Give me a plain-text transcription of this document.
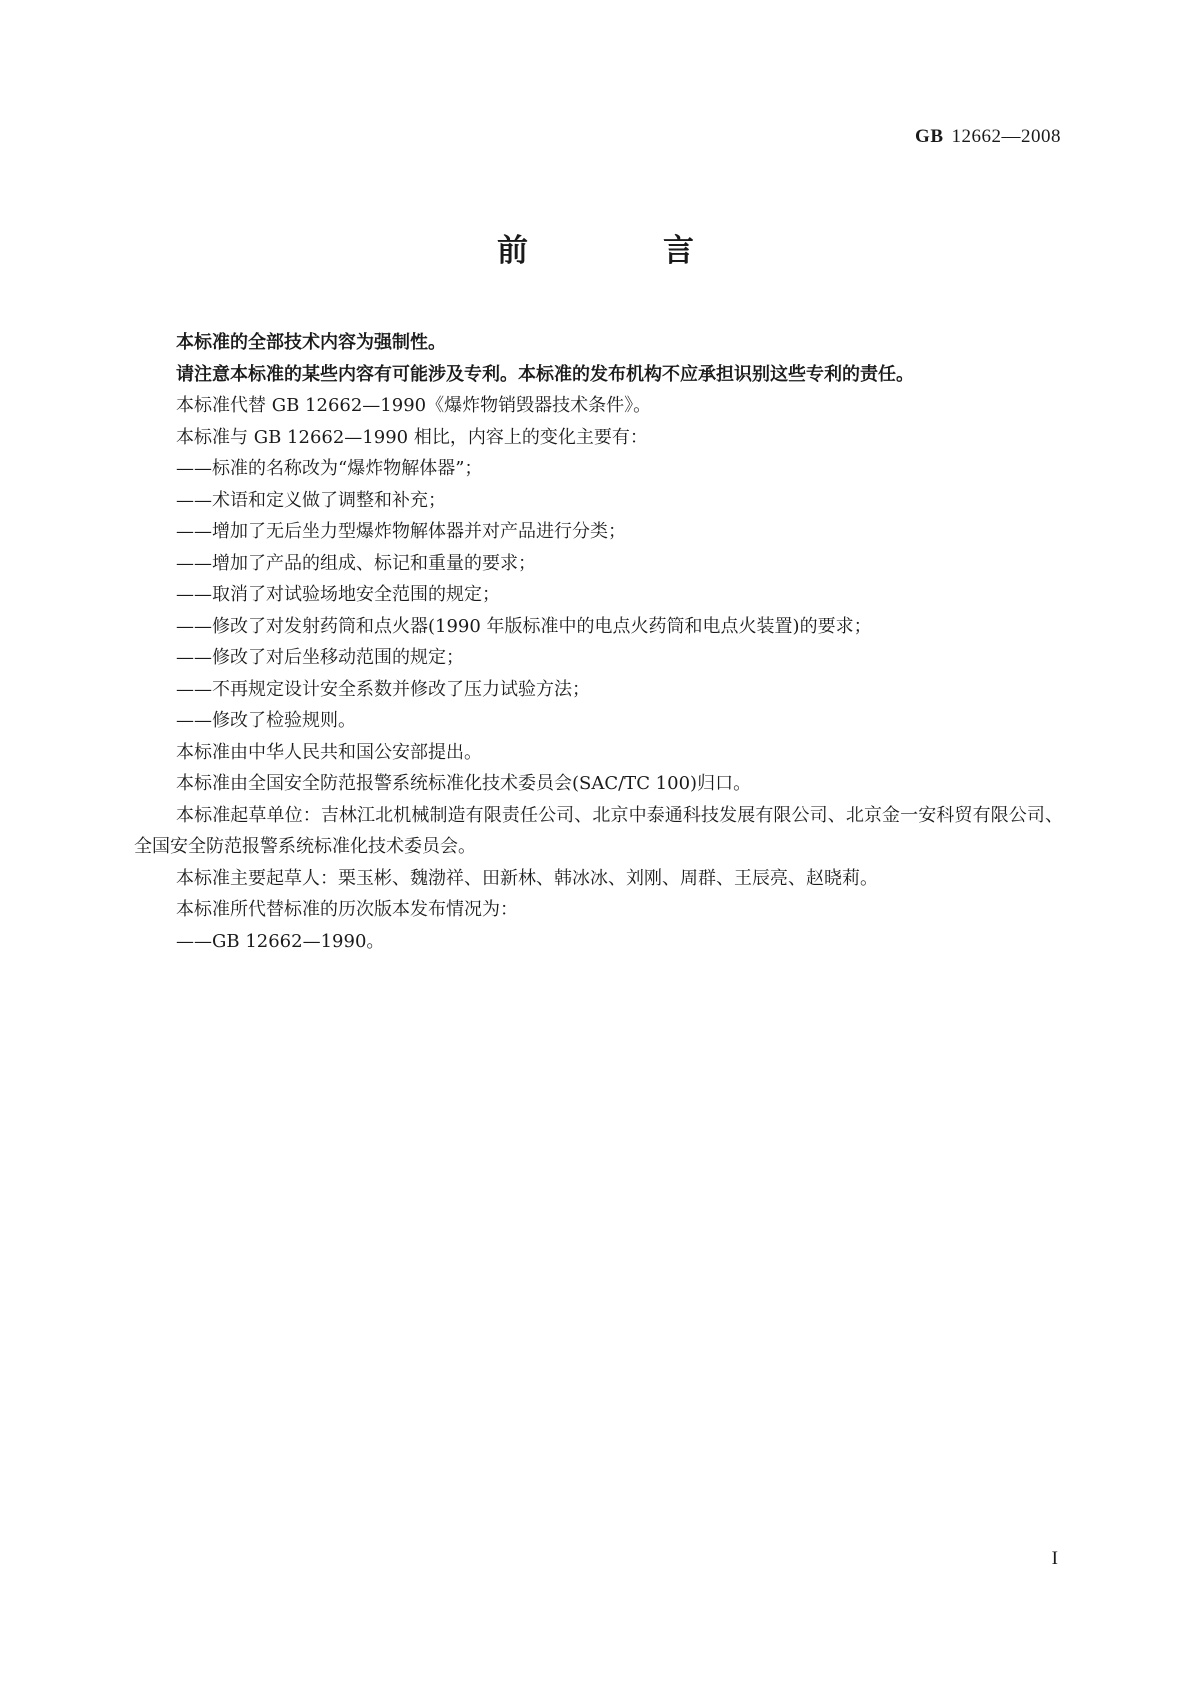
GB 12662—2008
前　言

本标准的全部技术内容为强制性。

请注意本标准的某些内容有可能涉及专利。本标准的发布机构不应承担识别这些专利的责任。

本标准代替 GB 12662—1990《爆炸物销毁器技术条件》。

本标准与 GB 12662—1990 相比，内容上的变化主要有：

——标准的名称改为“爆炸物解体器”；

——术语和定义做了调整和补充；

——增加了无后坐力型爆炸物解体器并对产品进行分类；

——增加了产品的组成、标记和重量的要求；

——取消了对试验场地安全范围的规定；

——修改了对发射药筒和点火器(1990 年版标准中的电点火药筒和电点火装置)的要求；

——修改了对后坐移动范围的规定；

——不再规定设计安全系数并修改了压力试验方法；

——修改了检验规则。

本标准由中华人民共和国公安部提出。

本标准由全国安全防范报警系统标准化技术委员会(SAC/TC 100)归口。

本标准起草单位：吉林江北机械制造有限责任公司、北京中泰通科技发展有限公司、北京金一安科贸有限公司、全国安全防范报警系统标准化技术委员会。

本标准主要起草人：栗玉彬、魏渤祥、田新林、韩冰冰、刘刚、周群、王辰亮、赵晓莉。

本标准所代替标准的历次版本发布情况为：

——GB 12662—1990。

I
